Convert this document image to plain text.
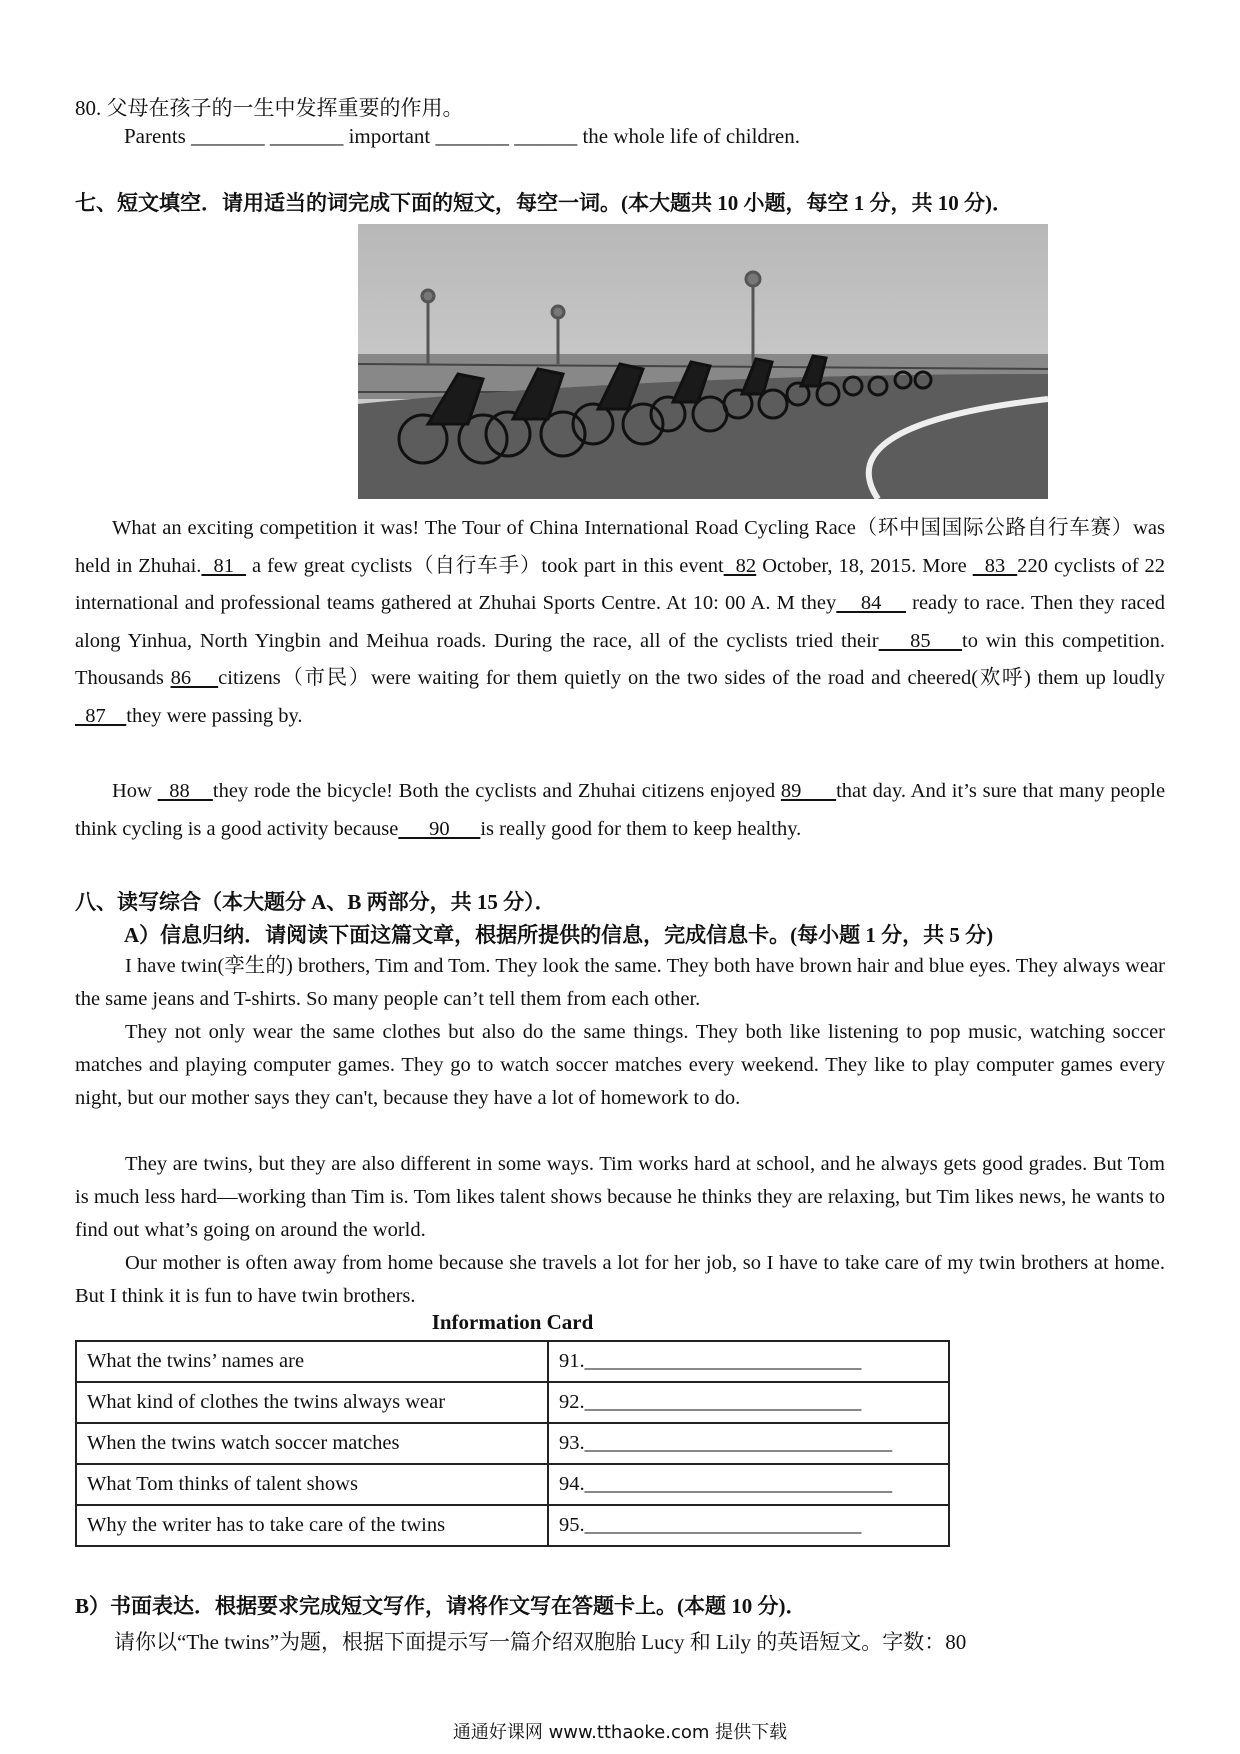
80. 父母在孩子的一生中发挥重要的作用。
Parents _______ _______ important _______ ______ the whole life of children.
七、短文填空．请用适当的词完成下面的短文，每空一词。(本大题共 10 小题，每空 1 分，共 10 分)．

What an exciting competition it was! The Tour of China International Road Cycling Race（环中国国际公路自行车赛）was held in Zhuhai.  81   a few great cyclists（自行车手）took part in this event  82 October, 18, 2015. More   83  220 cyclists of 22 international and professional teams gathered at Zhuhai Sports Centre. At 10: 00 A. M they    84     ready to race. Then they raced along Yinhua, North Yingbin and Meihua roads. During the race, all of the cyclists tried their    85    to win this competition. Thousands 86    citizens（市民）were waiting for them quietly on the two sides of the road and cheered(欢呼) them up loudly   87    they were passing by.

How   88    they rode the bicycle! Both the cyclists and Zhuhai citizens enjoyed 89      that day. And it’s sure that many people think cycling is a good activity because      90      is really good for them to keep healthy.

八、读写综合（本大题分 A、B 两部分，共 15 分）．
A）信息归纳．请阅读下面这篇文章，根据所提供的信息，完成信息卡。(每小题 1 分，共 5 分)

I have twin(孪生的) brothers, Tim and Tom. They look the same. They both have brown hair and blue eyes. They always wear the same jeans and T-shirts. So many people can’t tell them from each other.

They not only wear the same clothes but also do the same things. They both like listening to pop music, watching soccer matches and playing computer games. They go to watch soccer matches every weekend. They like to play computer games every night, but our mother says they can't, because they have a lot of homework to do.

They are twins, but they are also different in some ways. Tim works hard at school, and he always gets good grades. But Tom is much less hard—working than Tim is. Tom likes talent shows because he thinks they are relaxing, but Tim likes news, he wants to find out what’s going on around the world.

Our mother is often away from home because she travels a lot for her job, so I have to take care of my twin brothers at home. But I think it is fun to have twin brothers.

Information Card
What the twins’ names are	91.___________________________
What kind of clothes the twins always wear	92.___________________________
When the twins watch soccer matches	93.______________________________
What Tom thinks of talent shows	94.______________________________
Why the writer has to take care of the twins	95.___________________________
B）书面表达．根据要求完成短文写作，请将作文写在答题卡上。(本题 10 分)．
请你以“The twins”为题，根据下面提示写一篇介绍双胞胎 Lucy 和 Lily 的英语短文。字数：80
通通好课网 www.tthaoke.com 提供下载
